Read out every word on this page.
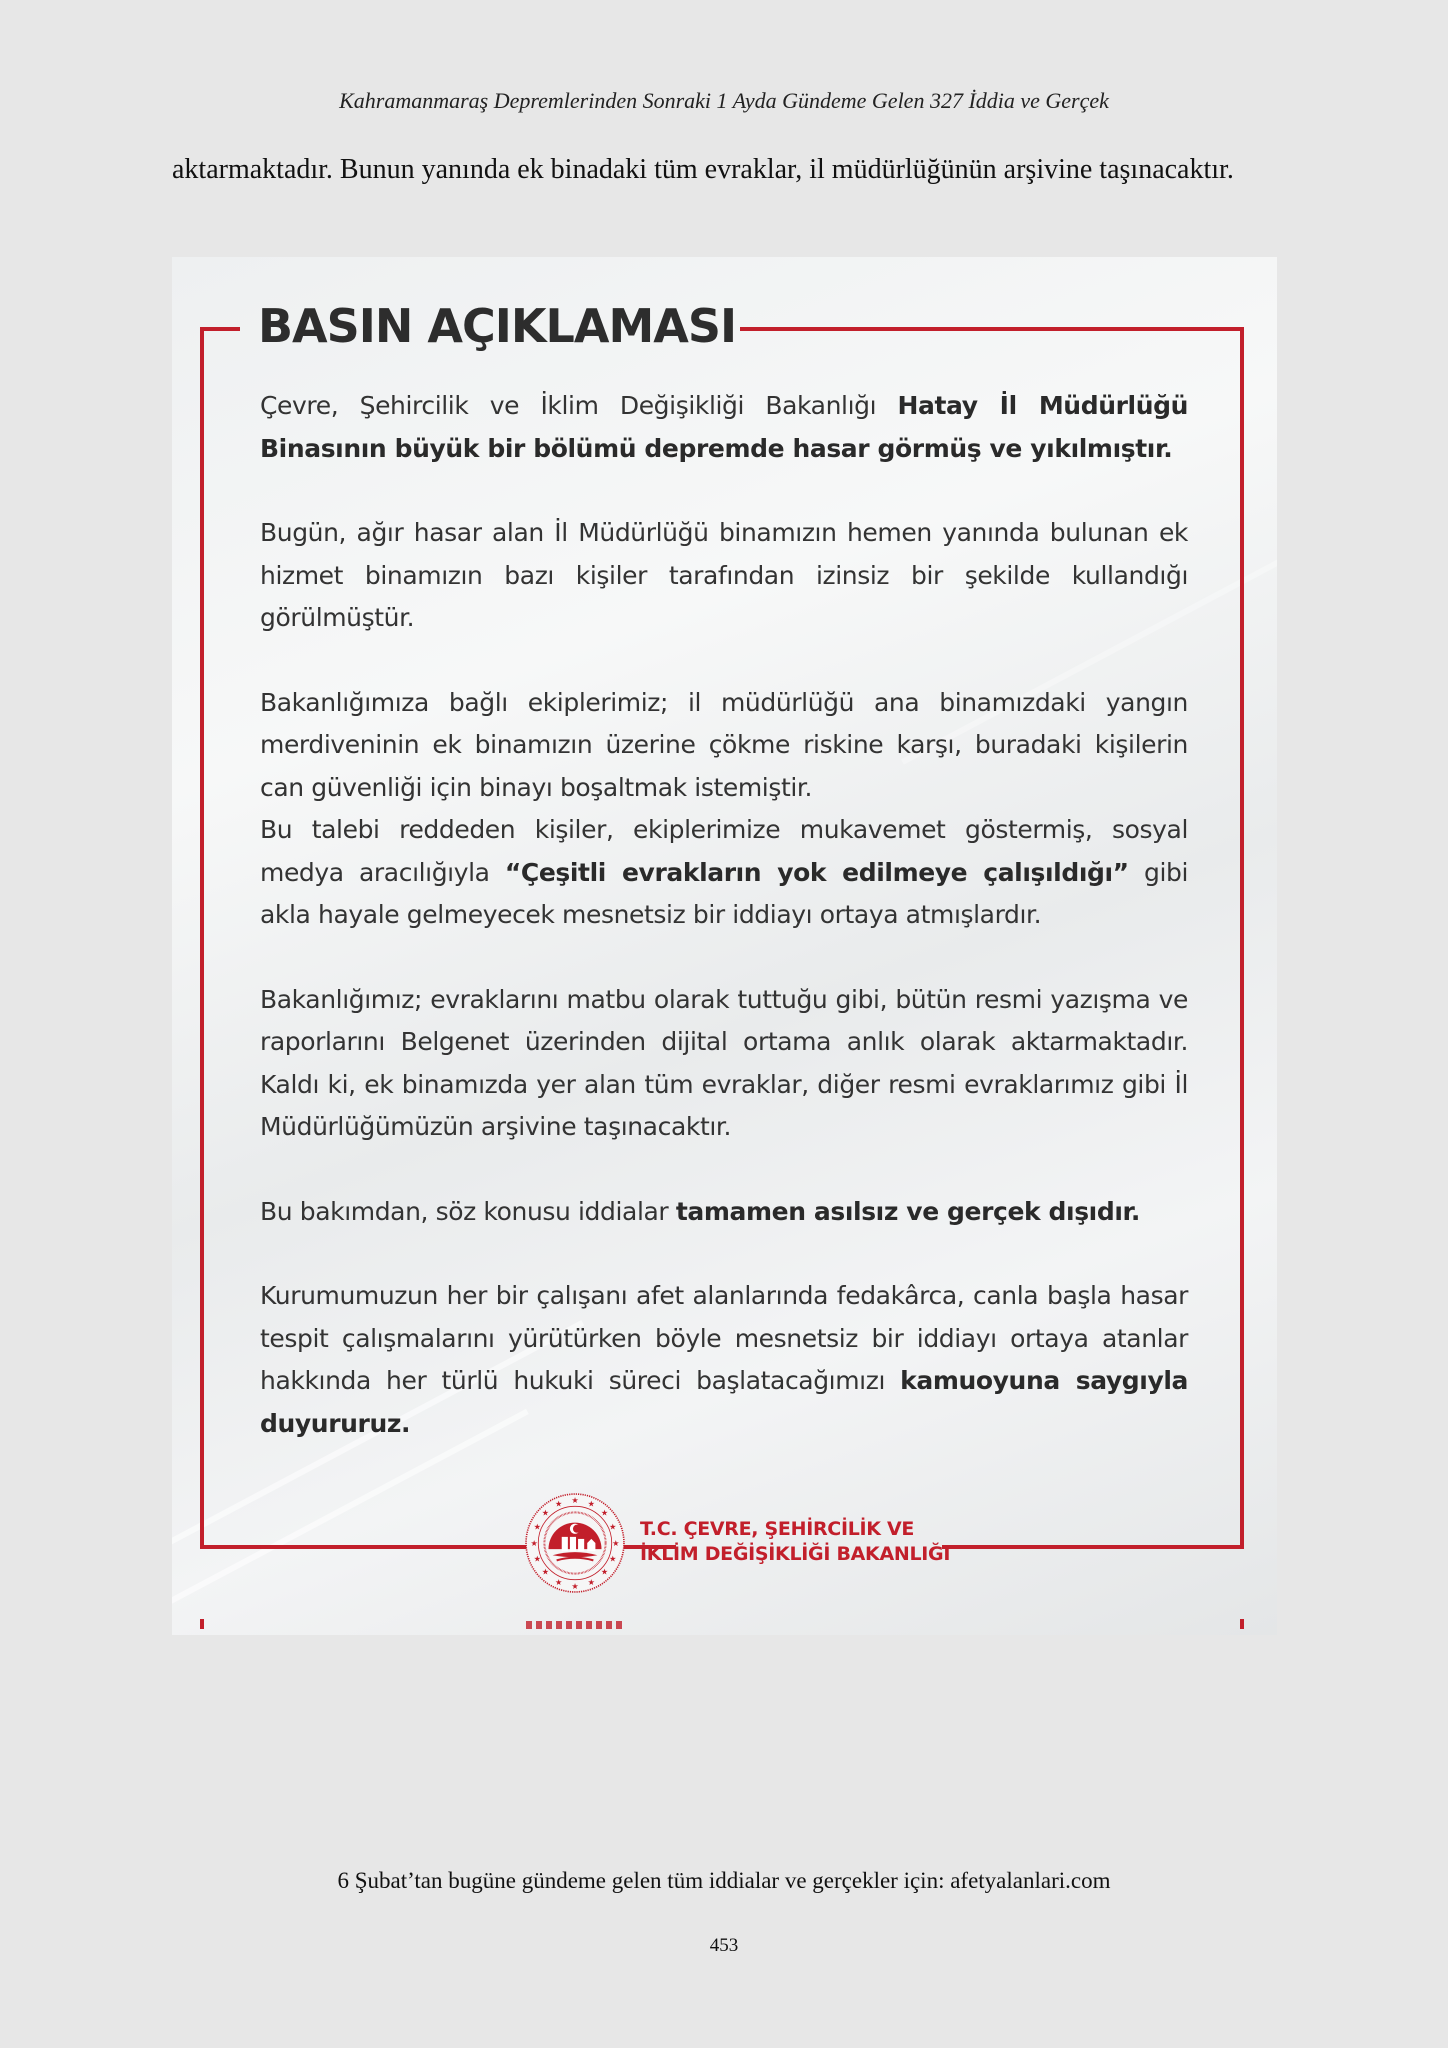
Kahramanmaraş Depremlerinden Sonraki 1 Ayda Gündeme Gelen 327 İddia ve Gerçek
aktarmaktadır. Bunun yanında ek binadaki tüm evraklar, il müdürlüğünün arşivine taşınacaktır.
BASIN AÇIKLAMASI

Çevre, Şehircilik ve İklim Değişikliği Bakanlığı Hatay İl Müdürlüğü Binasının büyük bir bölümü depremde hasar görmüş ve yıkılmıştır.

Bugün, ağır hasar alan İl Müdürlüğü binamızın hemen yanında bulunan ek hizmet binamızın bazı kişiler tarafından izinsiz bir şekilde kullandığı görülmüştür.

Bakanlığımıza bağlı ekiplerimiz; il müdürlüğü ana binamızdaki yangın merdiveninin ek binamızın üzerine çökme riskine karşı, buradaki kişilerin can güvenliği için binayı boşaltmak istemiştir.

Bu talebi reddeden kişiler, ekiplerimize mukavemet göstermiş, sosyal medya aracılığıyla “Çeşitli evrakların yok edilmeye çalışıldığı” gibi akla hayale gelmeyecek mesnetsiz bir iddiayı ortaya atmışlardır.

Bakanlığımız; evraklarını matbu olarak tuttuğu gibi, bütün resmi yazışma ve raporlarını Belgenet üzerinden dijital ortama anlık olarak aktarmaktadır. Kaldı ki, ek binamızda yer alan tüm evraklar, diğer resmi evraklarımız gibi İl Müdürlüğümüzün arşivine taşınacaktır.

Bu bakımdan, söz konusu iddialar tamamen asılsız ve gerçek dışıdır.

Kurumumuzun her bir çalışanı afet alanlarında fedakârca, canla başla hasar tespit çalışmalarını yürütürken böyle mesnetsiz bir iddiayı ortaya atanlar hakkında her türlü hukuki süreci başlatacağımızı kamuoyuna saygıyla duyururuz.

★ ★
★
★
★
★
★
★
★
★
★
★
★
★
★
★
T.C. ÇEVRE, ŞEHİRCİLİK VE
İKLİM DEĞİŞİKLİĞİ BAKANLIĞI
6 Şubat’tan bugüne gündeme gelen tüm iddialar ve gerçekler için: afetyalanlari.com
453
